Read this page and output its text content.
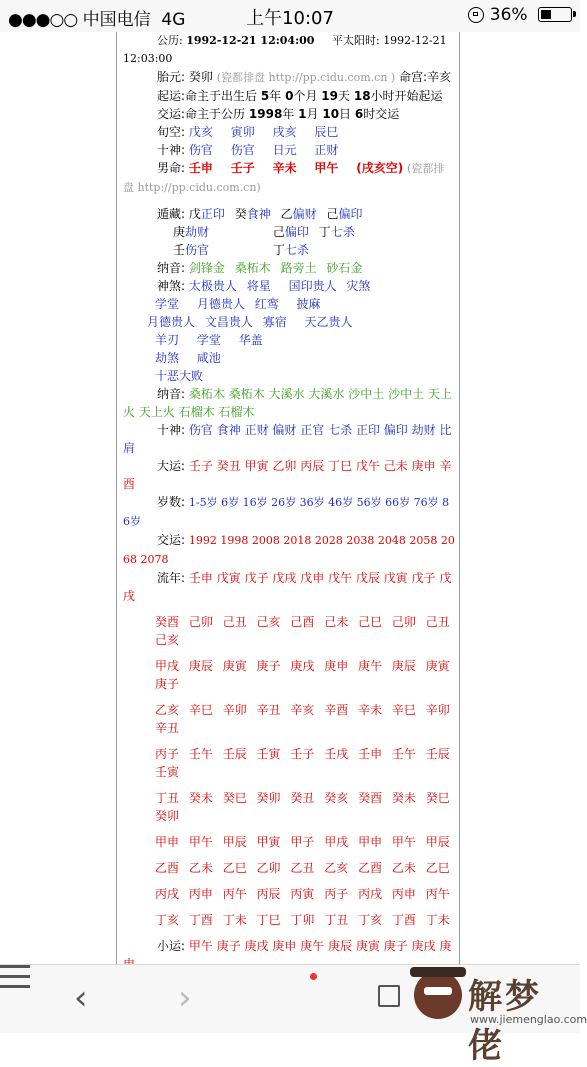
●●●○○ 中国电信 4G	上午10:07	36%
公历: 1992-12-21 12:04:00 平太阳时: 1992-12-21 12:03:00
胎元: 癸卯 (瓷都排盘 http://pp.cidu.com.cn ) 命宫:辛亥
起运:命主于出生后 5年 0个月 19天 18小时开始起运
交运:命主于公历 1998年 1月 10日 6时交运
旬空: 戊亥 寅卯 戌亥 辰巳
十神: 伤官 伤官 日元 正财
男命: 壬申 壬子 辛未 甲午 (戌亥空) (瓷都排盘 http://pp.cidu.com.cn)
遁藏: 戊正印 癸食神 乙偏财 己偏印
庚劫财	己偏印 丁七杀
壬伤官	丁七杀
纳音: 剑锋金 桑柘木 路旁土 砂石金
神煞: 太极贵人 将星 国印贵人 灾煞
学堂 月德贵人 红鸾 披麻
月德贵人 文昌贵人 寡宿 天乙贵人
羊刃 学堂 华盖
劫煞 咸池
十恶大败
纳音: 桑柘木 桑柘木 大溪水 大溪水 沙中土 沙中土 天上火 天上火 石榴木 石榴木
十神: 伤官 食神 正财 偏财 正官 七杀 正印 偏印 劫财 比肩
大运: 壬子 癸丑 甲寅 乙卯 丙辰 丁巳 戊午 己未 庚申 辛酉
岁数: 1-5岁 6岁 16岁 26岁 36岁 46岁 56岁 66岁 76岁 86岁
交运: 1992 1998 2008 2018 2028 2038 2048 2058 2068 2078
流年: 壬申 戊寅 戊子 戊戌 戊申 戊午 戊辰 戊寅 戊子 戊戌
癸酉 己卯 己丑 己亥 己酉 己未 己巳 己卯 己丑 己亥
甲戌 庚辰 庚寅 庚子 庚戌 庚申 庚午 庚辰 庚寅 庚子
乙亥 辛巳 辛卯 辛丑 辛亥 辛酉 辛未 辛巳 辛卯 辛丑
丙子 壬午 壬辰 壬寅 壬子 壬戌 壬申 壬午 壬辰 壬寅
丁丑 癸未 癸巳 癸卯 癸丑 癸亥 癸酉 癸未 癸巳 癸卯
甲申 甲午 甲辰 甲寅 甲子 甲戌 甲申 甲午 甲辰
乙酉 乙未 乙巳 乙卯 乙丑 乙亥 乙酉 乙未 乙巳
丙戌 丙申 丙午 丙辰 丙寅 丙子 丙戌 丙申 丙午
丁亥 丁酉 丁未 丁巳 丁卯 丁丑 丁亥 丁酉 丁未
小运: 甲午 庚子 庚戌 庚申 庚午 庚辰 庚寅 庚子 庚戌 庚
‹	›	解梦佬
www.jiemenglao.com
